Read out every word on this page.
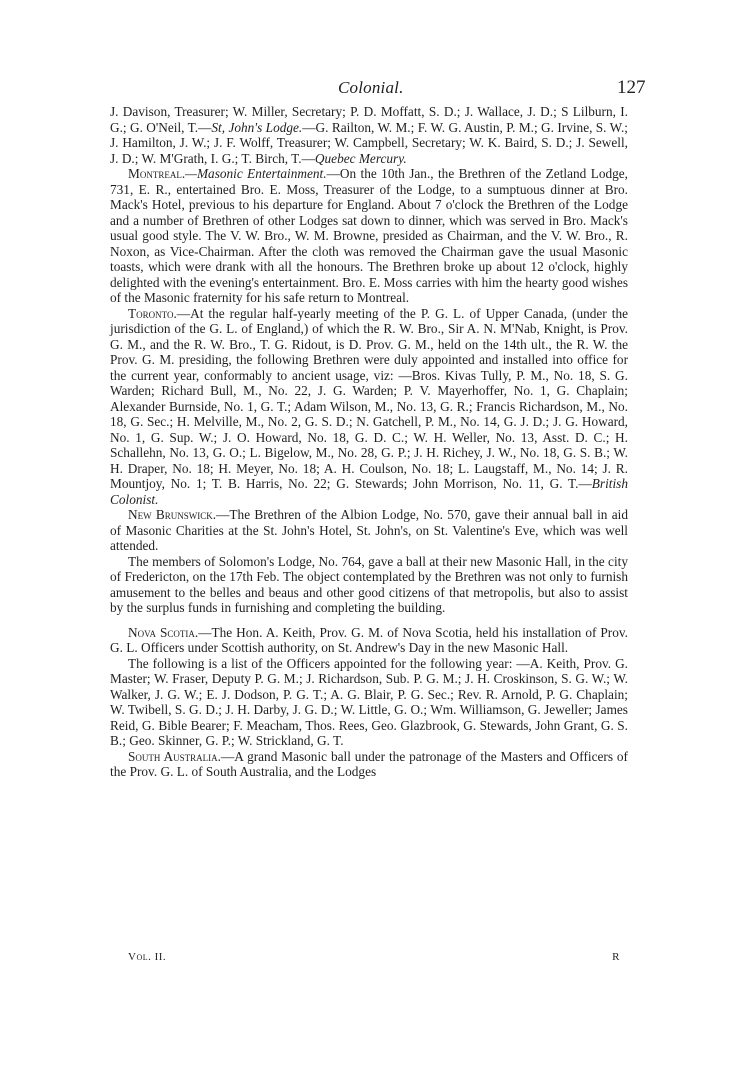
Colonial.	127

J. Davison, Treasurer; W. Miller, Secretary; P. D. Moffatt, S. D.; J. Wallace, J. D.; S Lilburn, I. G.; G. O'Neil, T.—St, John's Lodge.—G. Railton, W. M.; F. W. G. Austin, P. M.; G. Irvine, S. W.; J. Hamilton, J. W.; J. F. Wolff, Treasurer; W. Campbell, Secretary; W. K. Baird, S. D.; J. Sewell, J. D.; W. M'Grath, I. G.; T. Birch, T.—Quebec Mercury.

Montreal.—Masonic Entertainment.—On the 10th Jan., the Brethren of the Zetland Lodge, 731, E. R., entertained Bro. E. Moss, Treasurer of the Lodge, to a sumptuous dinner at Bro. Mack's Hotel, previous to his departure for England. About 7 o'clock the Brethren of the Lodge and a number of Brethren of other Lodges sat down to dinner, which was served in Bro. Mack's usual good style. The V. W. Bro., W. M. Browne, presided as Chairman, and the V. W. Bro., R. Noxon, as Vice-Chairman. After the cloth was removed the Chairman gave the usual Masonic toasts, which were drank with all the honours. The Brethren broke up about 12 o'clock, highly delighted with the evening's entertainment. Bro. E. Moss carries with him the hearty good wishes of the Masonic fraternity for his safe return to Montreal.

Toronto.—At the regular half-yearly meeting of the P. G. L. of Upper Canada, (under the jurisdiction of the G. L. of England,) of which the R. W. Bro., Sir A. N. M'Nab, Knight, is Prov. G. M., and the R. W. Bro., T. G. Ridout, is D. Prov. G. M., held on the 14th ult., the R. W. the Prov. G. M. presiding, the following Brethren were duly appointed and installed into office for the current year, conformably to ancient usage, viz: —Bros. Kivas Tully, P. M., No. 18, S. G. Warden; Richard Bull, M., No. 22, J. G. Warden; P. V. Mayerhoffer, No. 1, G. Chaplain; Alexander Burnside, No. 1, G. T.; Adam Wilson, M., No. 13, G. R.; Francis Richardson, M., No. 18, G. Sec.; H. Melville, M., No. 2, G. S. D.; N. Gatchell, P. M., No. 14, G. J. D.; J. G. Howard, No. 1, G. Sup. W.; J. O. Howard, No. 18, G. D. C.; W. H. Weller, No. 13, Asst. D. C.; H. Schallehn, No. 13, G. O.; L. Bigelow, M., No. 28, G. P.; J. H. Richey, J. W., No. 18, G. S. B.; W. H. Draper, No. 18; H. Meyer, No. 18; A. H. Coulson, No. 18; L. Laugstaff, M., No. 14; J. R. Mountjoy, No. 1; T. B. Harris, No. 22; G. Stewards; John Morrison, No. 11, G. T.—British Colonist.

New Brunswick.—The Brethren of the Albion Lodge, No. 570, gave their annual ball in aid of Masonic Charities at the St. John's Hotel, St. John's, on St. Valentine's Eve, which was well attended.

The members of Solomon's Lodge, No. 764, gave a ball at their new Masonic Hall, in the city of Fredericton, on the 17th Feb. The object contemplated by the Brethren was not only to furnish amusement to the belles and beaus and other good citizens of that metropolis, but also to assist by the surplus funds in furnishing and completing the building.

Nova Scotia.—The Hon. A. Keith, Prov. G. M. of Nova Scotia, held his installation of Prov. G. L. Officers under Scottish authority, on St. Andrew's Day in the new Masonic Hall.

The following is a list of the Officers appointed for the following year: —A. Keith, Prov. G. Master; W. Fraser, Deputy P. G. M.; J. Richardson, Sub. P. G. M.; J. H. Croskinson, S. G. W.; W. Walker, J. G. W.; E. J. Dodson, P. G. T.; A. G. Blair, P. G. Sec.; Rev. R. Arnold, P. G. Chaplain; W. Twibell, S. G. D.; J. H. Darby, J. G. D.; W. Little, G. O.; Wm. Williamson, G. Jeweller; James Reid, G. Bible Bearer; F. Meacham, Thos. Rees, Geo. Glazbrook, G. Stewards, John Grant, G. S. B.; Geo. Skinner, G. P.; W. Strickland, G. T.

South Australia.—A grand Masonic ball under the patronage of the Masters and Officers of the Prov. G. L. of South Australia, and the Lodges

Vol. II.	R
